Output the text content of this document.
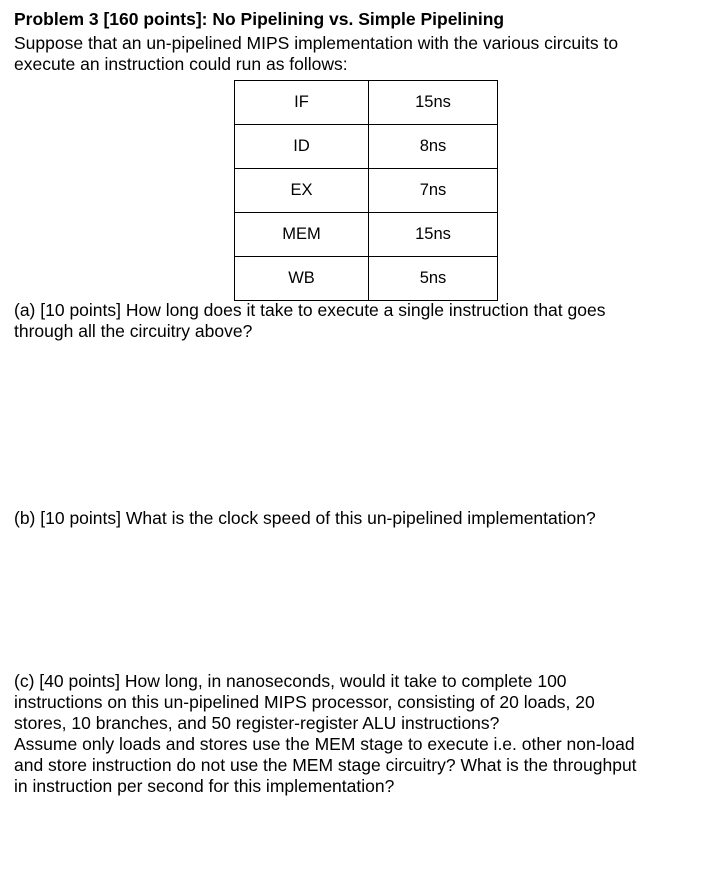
Problem 3 [160 points]: No Pipelining vs. Simple Pipelining

Suppose that an un-pipelined MIPS implementation with the various circuits to

execute an instruction could run as follows:

IF	15ns
ID	8ns
EX	7ns
MEM	15ns
WB	5ns

(a) [10 points] How long does it take to execute a single instruction that goes

through all the circuitry above?

(b) [10 points] What is the clock speed of this un-pipelined implementation?

(c) [40 points] How long, in nanoseconds, would it take to complete 100

instructions on this un-pipelined MIPS processor, consisting of 20 loads, 20

stores, 10 branches, and 50 register-register ALU instructions?

Assume only loads and stores use the MEM stage to execute i.e. other non-load

and store instruction do not use the MEM stage circuitry? What is the throughput

in instruction per second for this implementation?
